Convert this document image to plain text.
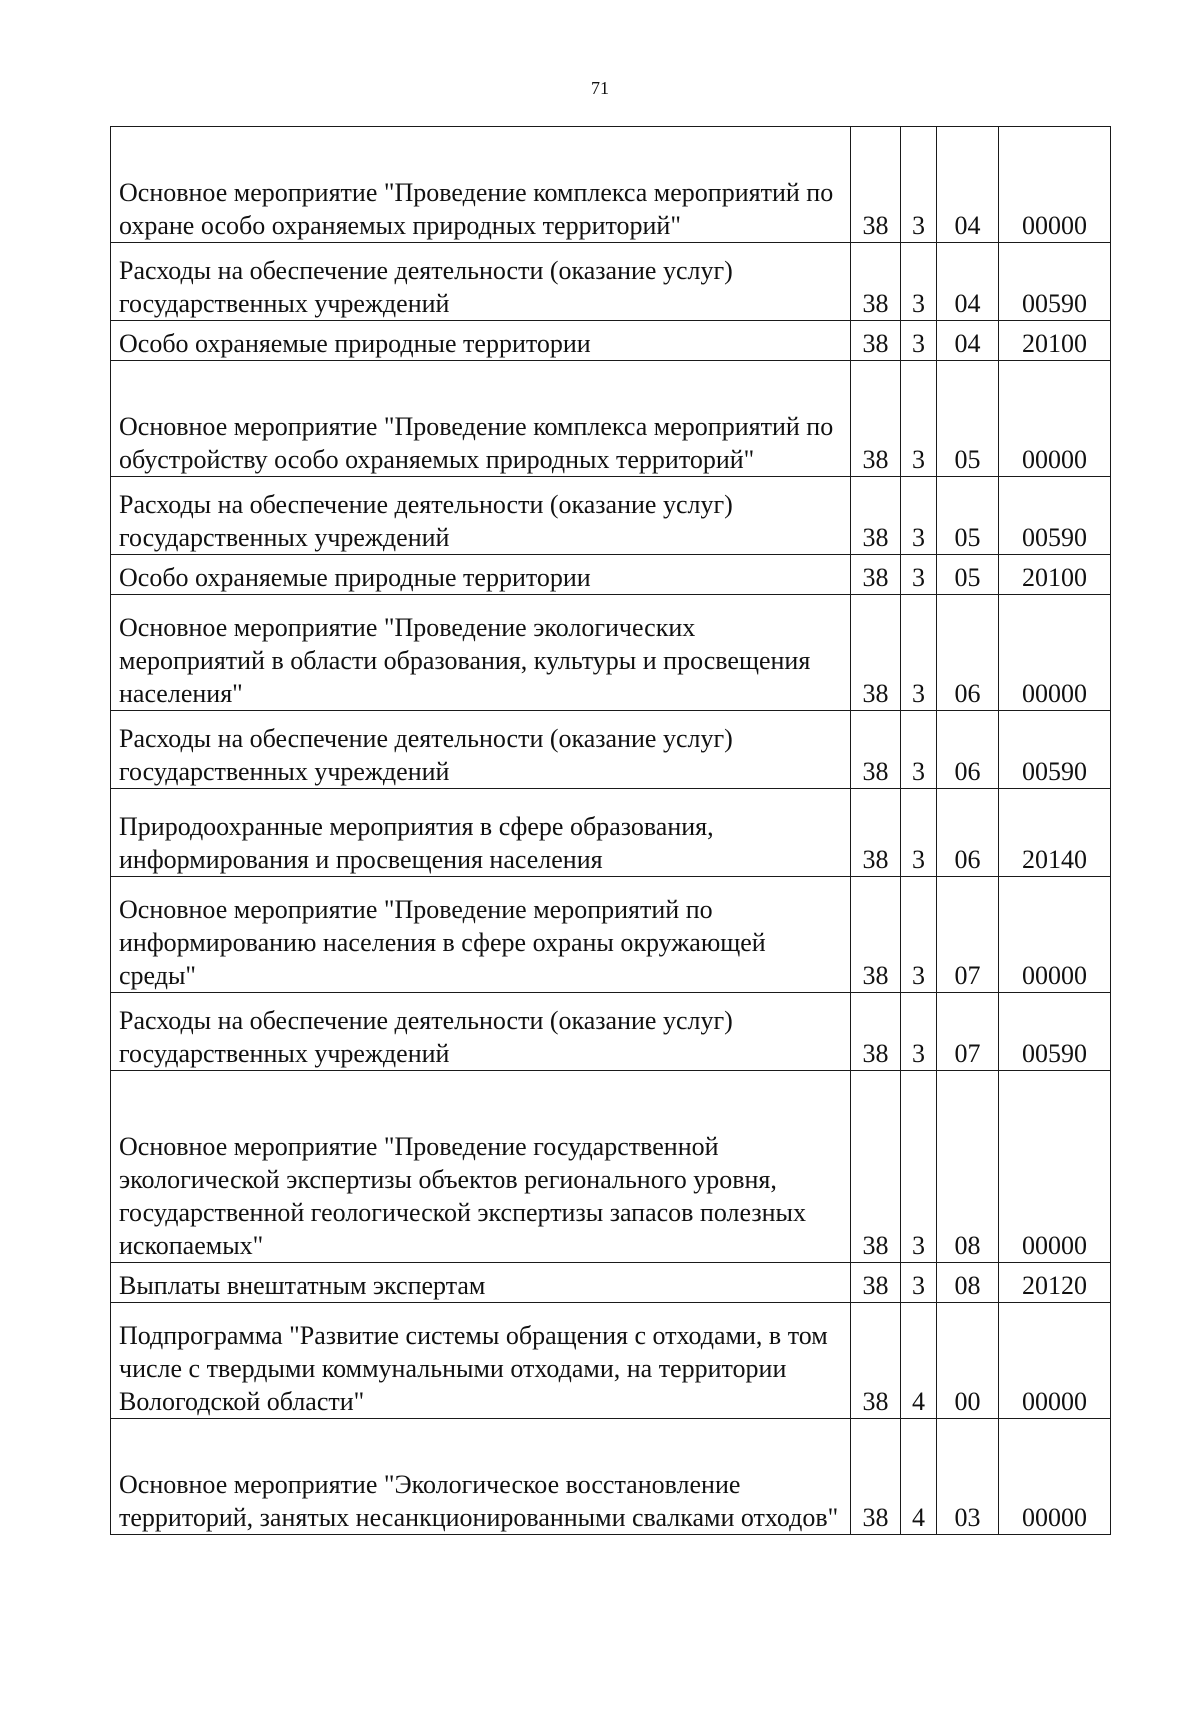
71
Основное мероприятие "Проведение комплекса мероприятий по охране особо охраняемых природных территорий"	38	3	04	00000
Расходы на обеспечение деятельности (оказание услуг) государственных учреждений	38	3	04	00590
Особо охраняемые природные территории	38	3	04	20100
Основное мероприятие "Проведение комплекса мероприятий по обустройству особо охраняемых природных территорий"	38	3	05	00000
Расходы на обеспечение деятельности (оказание услуг) государственных учреждений	38	3	05	00590
Особо охраняемые природные территории	38	3	05	20100
Основное мероприятие "Проведение экологических мероприятий в области образования, культуры и просвещения населения"	38	3	06	00000
Расходы на обеспечение деятельности (оказание услуг) государственных учреждений	38	3	06	00590
Природоохранные мероприятия в сфере образования, информирования и просвещения населения	38	3	06	20140
Основное мероприятие "Проведение мероприятий по информированию населения в сфере охраны окружающей среды"	38	3	07	00000
Расходы на обеспечение деятельности (оказание услуг) государственных учреждений	38	3	07	00590
Основное мероприятие "Проведение государственной экологической экспертизы объектов регионального уровня, государственной геологической экспертизы запасов полезных ископаемых"	38	3	08	00000
Выплаты внештатным экспертам	38	3	08	20120
Подпрограмма "Развитие системы обращения с отходами, в том числе с твердыми коммунальными отходами, на территории Вологодской области"	38	4	00	00000
Основное мероприятие "Экологическое восстановление территорий, занятых несанкционированными свалками отходов"	38	4	03	00000
